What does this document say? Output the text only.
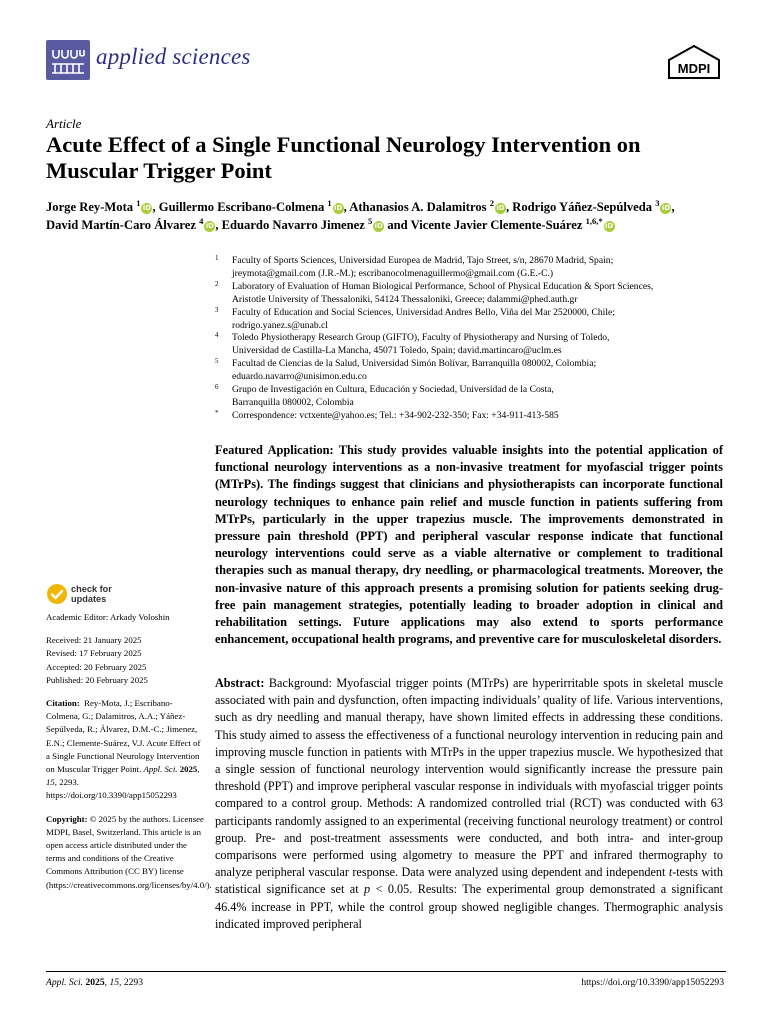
applied sciences	MDPI
Article
Acute Effect of a Single Functional Neurology Intervention on Muscular Trigger Point
Jorge Rey-Mota $^1$iD, Guillermo Escribano-Colmena $^1$iD, Athanasios A. Dalamitros $^2$iD, Rodrigo Yáñez-Sepúlveda $^3$iD,
David Martín-Caro Álvarez $^4$iD, Eduardo Navarro Jimenez $^5$iD and Vicente Javier Clemente-Suárez $^{1,6,*}$iD
1 Faculty of Sports Sciences, Universidad Europea de Madrid, Tajo Street, s/n, 28670 Madrid, Spain;
jreymota@gmail.com (J.R.-M.); escribanocolmenaguillermo@gmail.com (G.E.-C.)
2 Laboratory of Evaluation of Human Biological Performance, School of Physical Education & Sport Sciences,
Aristotle University of Thessaloniki, 54124 Thessaloniki, Greece; dalammi@phed.auth.gr
3 Faculty of Education and Social Sciences, Universidad Andres Bello, Viña del Mar 2520000, Chile;
rodrigo.yanez.s@unab.cl
4 Toledo Physiotherapy Research Group (GIFTO), Faculty of Physiotherapy and Nursing of Toledo,
Universidad de Castilla-La Mancha, 45071 Toledo, Spain; david.martincaro@uclm.es
5 Facultad de Ciencias de la Salud, Universidad Simón Bolívar, Barranquilla 080002, Colombia;
eduardo.navarro@unisimon.edu.co
6 Grupo de Investigación en Cultura, Educación y Sociedad, Universidad de la Costa,
Barranquilla 080002, Colombia
* Correspondence: vctxente@yahoo.es; Tel.: +34-902-232-350; Fax: +34-911-413-585
Featured Application: This study provides valuable insights into the potential application of functional neurology interventions as a non-invasive treatment for myofascial trigger points (MTrPs). The findings suggest that clinicians and physiotherapists can incorporate functional neurology techniques to enhance pain relief and muscle function in patients suffering from MTrPs, particularly in the upper trapezius muscle. The improvements demonstrated in pressure pain threshold (PPT) and peripheral vascular response indicate that functional neurology interventions could serve as a viable alternative or complement to traditional therapies such as manual therapy, dry needling, or pharmacological treatments. Moreover, the non-invasive nature of this approach presents a promising solution for patients seeking drug-free pain management strategies, potentially leading to broader adoption in clinical and rehabilitation settings. Future applications may also extend to sports performance enhancement, occupational health programs, and preventive care for musculoskeletal disorders.
Abstract: Background: Myofascial trigger points (MTrPs) are hyperirritable spots in skeletal muscle associated with pain and dysfunction, often impacting individuals’ quality of life. Various interventions, such as dry needling and manual therapy, have shown limited effects in addressing these conditions. This study aimed to assess the effectiveness of a functional neurology intervention in reducing pain and improving muscle function in patients with MTrPs in the upper trapezius muscle. We hypothesized that a single session of functional neurology intervention would significantly increase the pressure pain threshold (PPT) and improve peripheral vascular response in individuals with myofascial trigger points compared to a control group. Methods: A randomized controlled trial (RCT) was conducted with 63 participants randomly assigned to an experimental (receiving functional neurology treatment) or control group. Pre- and post-treatment assessments were conducted, and both intra- and inter-group comparisons were performed using algometry to measure the PPT and infrared thermography to analyze peripheral vascular response. Data were analyzed using dependent and independent t-tests with statistical significance set at p < 0.05. Results: The experimental group demonstrated a significant 46.4% increase in PPT, while the control group showed negligible changes. Thermographic analysis indicated improved peripheral
check for
updates

Academic Editor: Arkady Voloshin

Received: 21 January 2025

Revised: 17 February 2025

Accepted: 20 February 2025

Published: 20 February 2025

Citation: Rey-Mota, J.; Escribano-Colmena, G.; Dalamitros, A.A.; Yáñez-Sepúlveda, R.; Álvarez, D.M.-C.; Jimenez, E.N.; Clemente-Suárez, V.J. Acute Effect of a Single Functional Neurology Intervention on Muscular Trigger Point. Appl. Sci. 2025, 15, 2293. https://doi.org/10.3390/app15052293

Copyright: © 2025 by the authors. Licensee MDPI, Basel, Switzerland. This article is an open access article distributed under the terms and conditions of the Creative Commons Attribution (CC BY) license (https://creativecommons.org/licenses/by/4.0/).

Appl. Sci. 2025, 15, 2293	https://doi.org/10.3390/app15052293
